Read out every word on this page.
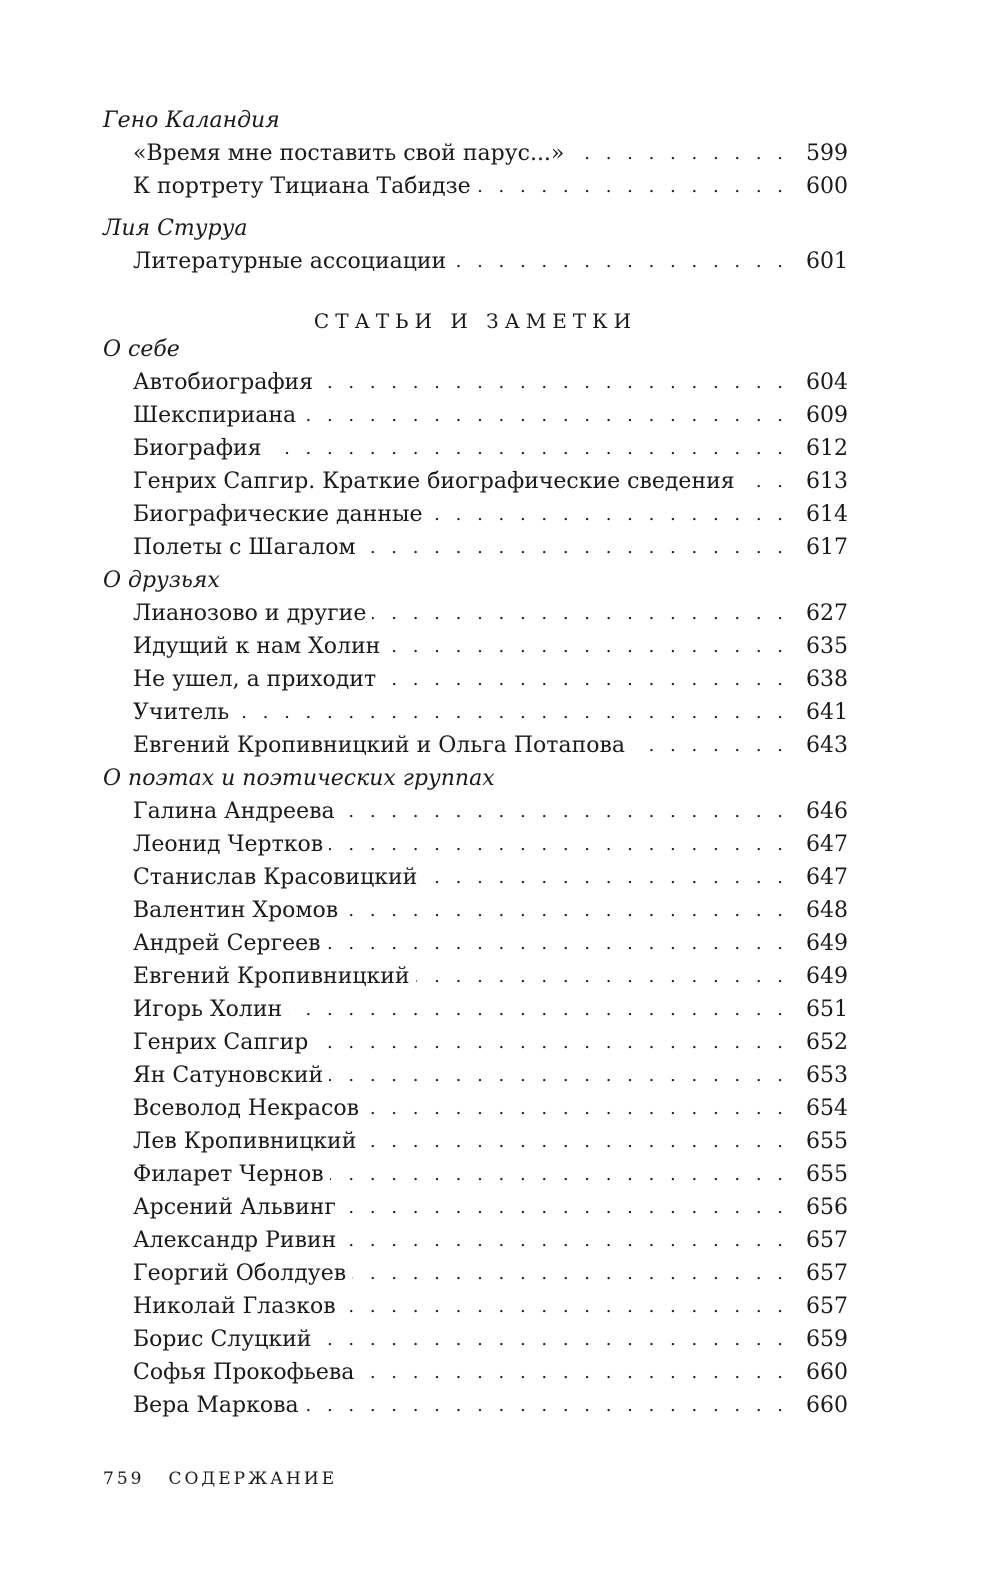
Гено Каландия
. . .
«Время мне поставить свой парус...»	599
. . .
К портрету Тициана Табидзе	600
Лия Стуруа
. . .
Литературные ассоциации	601
СТАТЬИ И ЗАМЕТКИ
О себе
. . .
Автобиография	604
. . .
Шекспириана	609
. . .
Биография	612
. . .
Генрих Сапгир. Краткие биографические сведения	613
. . .
Биографические данные	614
. . .
Полеты с Шагалом	617
О друзьях
. . .
Лианозово и другие	627
. . .
Идущий к нам Холин	635
. . .
Не ушел, а приходит	638
. . .
Учитель	641
. . .
Евгений Кропивницкий и Ольга Потапова	643
О поэтах и поэтических группах
. . .
Галина Андреева	646
. . .
Леонид Чертков	647
. . .
Станислав Красовицкий	647
. . .
Валентин Хромов	648
. . .
Андрей Сергеев	649
. . .
Евгений Кропивницкий	649
. . .
Игорь Холин	651
. . .
Генрих Сапгир	652
. . .
Ян Сатуновский	653
. . .
Всеволод Некрасов	654
. . .
Лев Кропивницкий	655
. . .
Филарет Чернов	655
. . .
Арсений Альвинг	656
. . .
Александр Ривин	657
. . .
Георгий Оболдуев	657
. . .
Николай Глазков	657
. . .
Борис Слуцкий	659
. . .
Софья Прокофьева	660
. . .
Вера Маркова	660
759 СОДЕРЖАНИЕ
